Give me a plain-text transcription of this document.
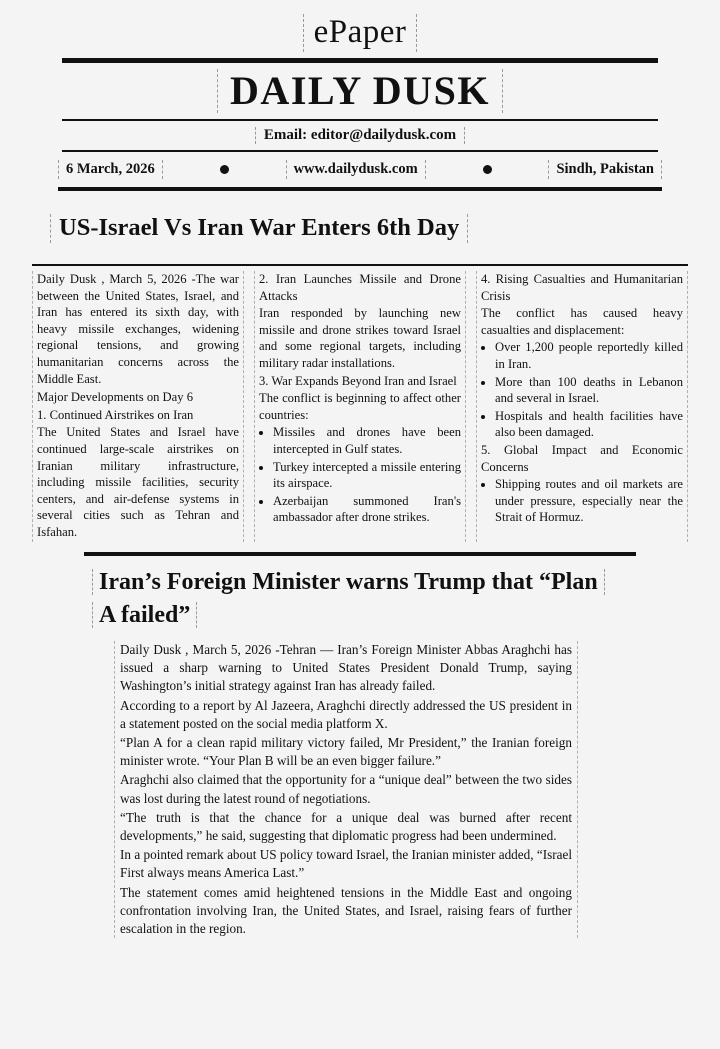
ePaper
DAILY DUSK
Email: editor@dailydusk.com
6 March, 2026	www.dailydusk.com	Sindh, Pakistan
US-Israel Vs Iran War Enters 6th Day

Daily Dusk , March 5, 2026 -The war between the United States, Israel, and Iran has entered its sixth day, with heavy missile exchanges, widening regional tensions, and growing humanitarian concerns across the Middle East.

Major Developments on Day 6

1. Continued Airstrikes on Iran

The United States and Israel have continued large-scale airstrikes on Iranian military infrastructure, including missile facilities, security centers, and air-defense systems in several cities such as Tehran and Isfahan.

2. Iran Launches Missile and Drone Attacks

Iran responded by launching new missile and drone strikes toward Israel and some regional targets, including military radar installations.

3. War Expands Beyond Iran and Israel

The conflict is beginning to affect other countries:

• Missiles and drones have been intercepted in Gulf states.
• Turkey intercepted a missile entering its airspace.
• Azerbaijan summoned Iran's ambassador after drone strikes.

4. Rising Casualties and Humanitarian Crisis

The conflict has caused heavy casualties and displacement:

• Over 1,200 people reportedly killed in Iran.
• More than 100 deaths in Lebanon and several in Israel.
• Hospitals and health facilities have also been damaged.

5. Global Impact and Economic Concerns

• Shipping routes and oil markets are under pressure, especially near the Strait of Hormuz.
Iran’s Foreign Minister warns Trump that “Plan A failed”

Daily Dusk , March 5, 2026 -Tehran — Iran’s Foreign Minister Abbas Araghchi has issued a sharp warning to United States President Donald Trump, saying Washington’s initial strategy against Iran has already failed.

According to a report by Al Jazeera, Araghchi directly addressed the US president in a statement posted on the social media platform X.

“Plan A for a clean rapid military victory failed, Mr President,” the Iranian foreign minister wrote. “Your Plan B will be an even bigger failure.”

Araghchi also claimed that the opportunity for a “unique deal” between the two sides was lost during the latest round of negotiations.

“The truth is that the chance for a unique deal was burned after recent developments,” he said, suggesting that diplomatic progress had been undermined.

In a pointed remark about US policy toward Israel, the Iranian minister added, “Israel First always means America Last.”

The statement comes amid heightened tensions in the Middle East and ongoing confrontation involving Iran, the United States, and Israel, raising fears of further escalation in the region.
